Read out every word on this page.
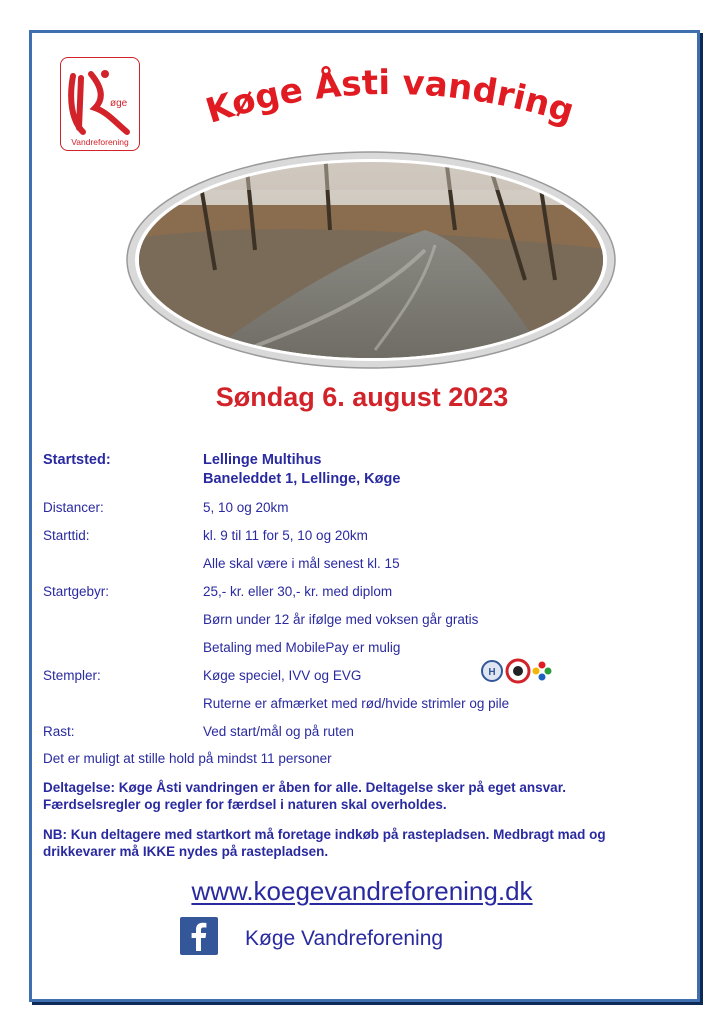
øge
Vandreforening
Køge Åsti vandring
Søndag 6. august 2023
Startsted:	Lellinge Multihus
Baneleddet 1, Lellinge, Køge
Distancer:	5, 10 og 20km
Starttid:	kl. 9 til 11 for 5, 10 og 20km
Alle skal være i mål senest kl. 15
Startgebyr:	25,- kr. eller 30,- kr. med diplom
Børn under 12 år ifølge med voksen går gratis
Betaling med MobilePay er mulig
Stempler:	Køge speciel, IVV og EVG	H
Ruterne er afmærket med rød/hvide strimler og pile
Rast:	Ved start/mål og på ruten
Det er muligt at stille hold på mindst 11 personer
Deltagelse: Køge Åsti vandringen er åben for alle. Deltagelse sker på eget ansvar.
Færdselsregler og regler for færdsel i naturen skal overholdes.
NB: Kun deltagere med startkort må foretage indkøb på rastepladsen. Medbragt mad og
drikkevarer må IKKE nydes på rastepladsen.
www.koegevandreforening.dk
Køge Vandreforening
